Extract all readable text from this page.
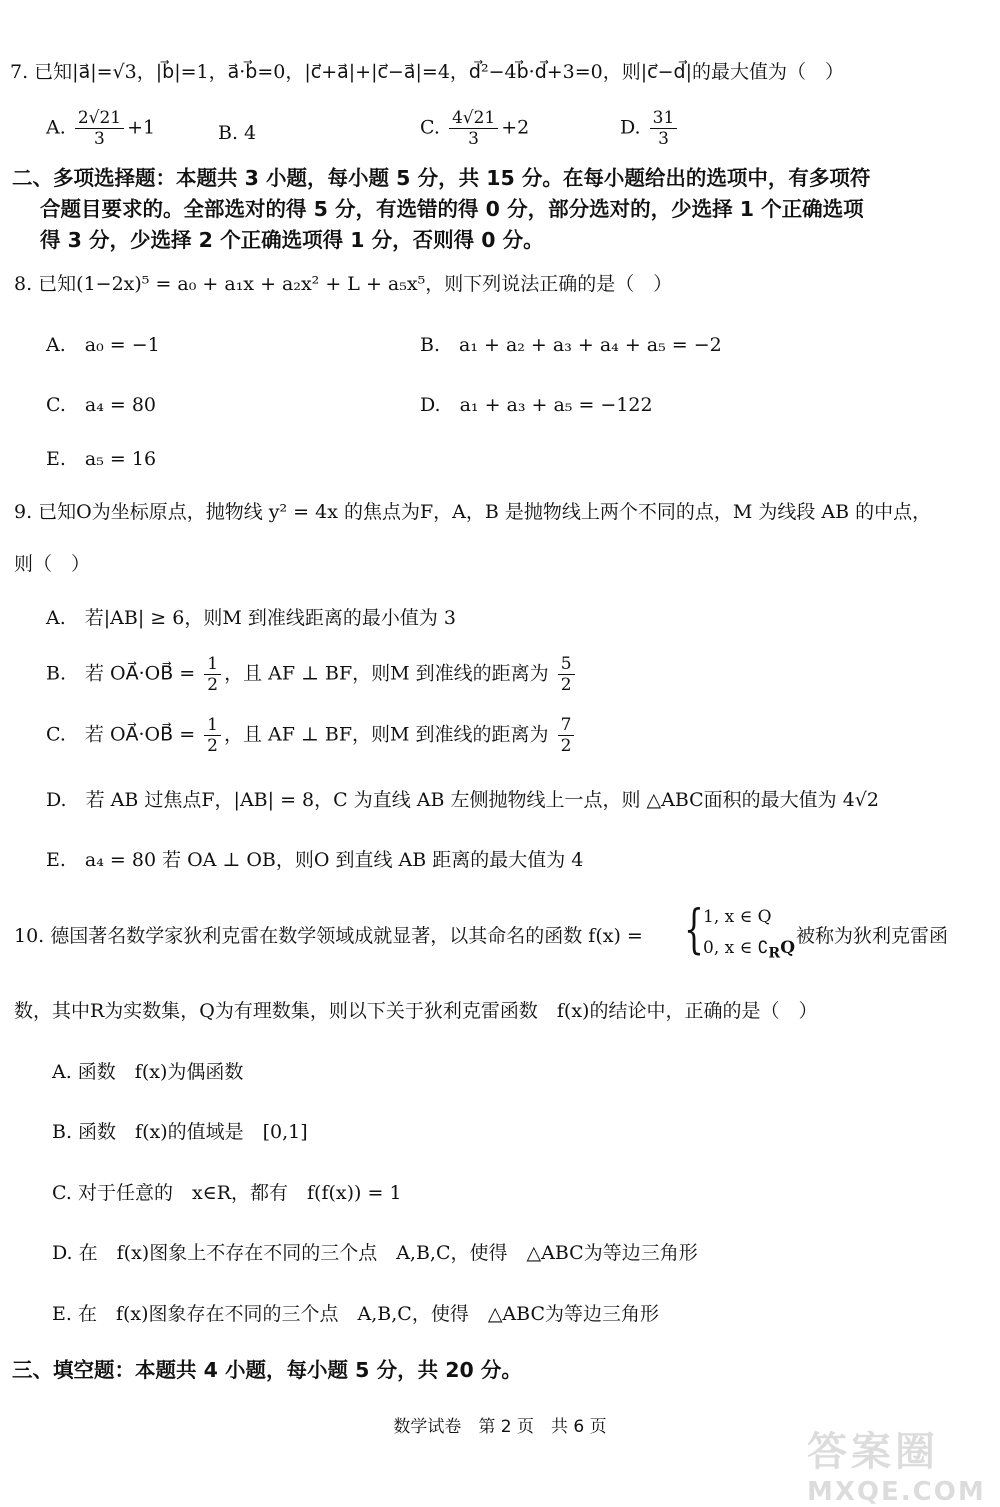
7. 已知|a⃗|=√3，|b⃗|=1，a⃗·b⃗=0，|c⃗+a⃗|+|c⃗−a⃗|=4，d⃗²−4b⃗·d⃗+3=0，则|c⃗−d⃗|的最大值为（　）
A. $\frac{2√21}{3} +1$	B. 4	C. $\frac{4√21}{3} +2$	D. $\frac{31}{3}$
二、多项选择题：本题共 3 小题，每小题 5 分，共 15 分。在每小题给出的选项中，有多项符
合题目要求的。全部选对的得 5 分，有选错的得 0 分，部分选对的，少选择 1 个正确选项
得 3 分，少选择 2 个正确选项得 1 分，否则得 0 分。
8. 已知(1−2x)⁵ = a₀ + a₁x + a₂x² + L + a₅x⁵，则下列说法正确的是（　）
A.　a₀ = −1	B.　a₁ + a₂ + a₃ + a₄ + a₅ = −2
C.　a₄ = 80	D.　a₁ + a₃ + a₅ = −122
E.　a₅ = 16
9. 已知O为坐标原点，抛物线 y² = 4x 的焦点为F，A，B 是抛物线上两个不同的点，M 为线段 AB 的中点，
则（　）
A.　若|AB| ≥ 6，则M 到准线距离的最小值为 3
B.　若 OA⃗·OB⃗ = $\frac{1}{2}$ ，且 AF ⊥ BF，则M 到准线的距离为 $\frac{5}{2}$
C.　若 OA⃗·OB⃗ = $\frac{1}{2}$ ，且 AF ⊥ BF，则M 到准线的距离为 $\frac{7}{2}$
D.　若 AB 过焦点F，|AB| = 8，C 为直线 AB 左侧抛物线上一点，则 △ABC面积的最大值为 4√2
E.　a₄ = 80 若 OA ⊥ OB，则O 到直线 AB 距离的最大值为 4
10. 德国著名数学家狄利克雷在数学领域成就显著，以其命名的函数 f(x) = { 1, x ∈ Q
0, x ∈ $∁_RQ$
被称为狄利克雷函
数，其中R为实数集，Q为有理数集，则以下关于狄利克雷函数　f(x)的结论中，正确的是（　）
A. 函数　f(x)为偶函数
B. 函数　f(x)的值域是　[0,1]
C. 对于任意的　x∈R，都有　f(f(x)) = 1
D. 在　f(x)图象上不存在不同的三个点　A,B,C，使得　△ABC为等边三角形
E. 在　f(x)图象存在不同的三个点　A,B,C，使得　△ABC为等边三角形
三、填空题：本题共 4 小题，每小题 5 分，共 20 分。
数学试卷　第 2 页　共 6 页
答案圈
MXQE.COM
